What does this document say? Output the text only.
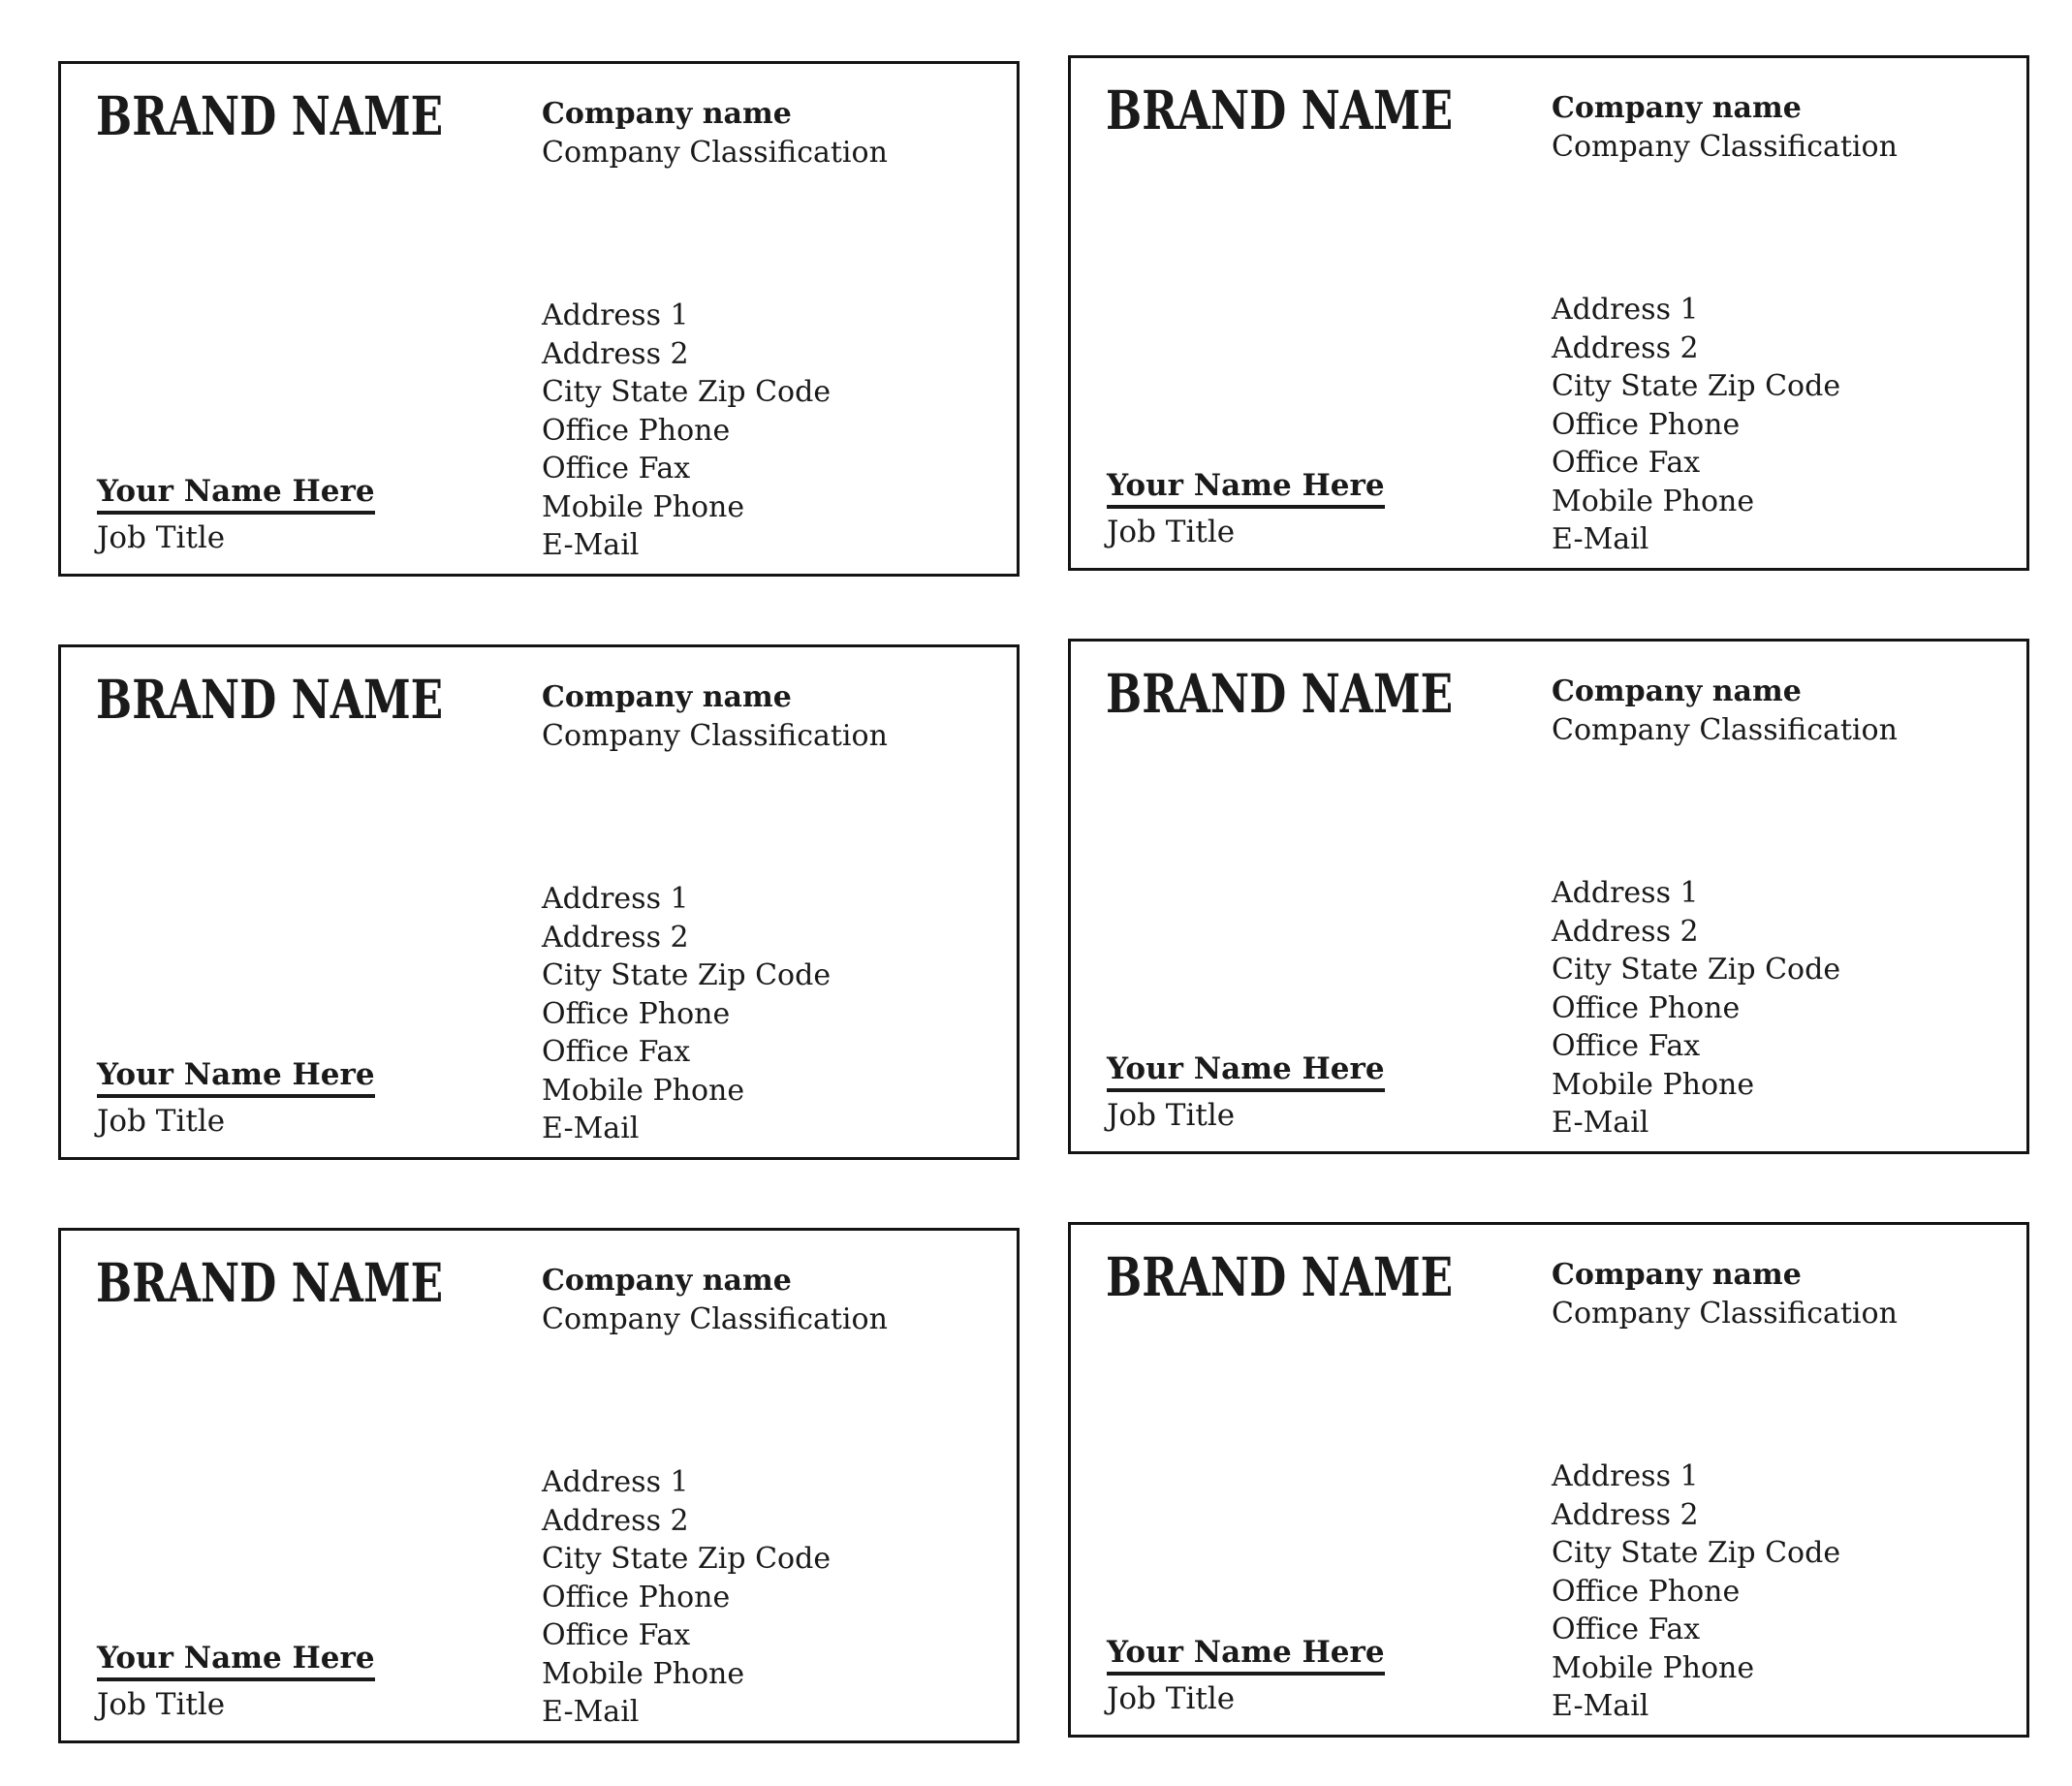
BRAND NAME	Company name
Company Classification
Address 1
Address 2
City State Zip Code
Office Phone
Office Fax
Mobile Phone
E-Mail
Your Name Here
Job Title
BRAND NAME	Company name
Company Classification
Address 1
Address 2
City State Zip Code
Office Phone
Office Fax
Mobile Phone
E-Mail
Your Name Here
Job Title
BRAND NAME	Company name
Company Classification
Address 1
Address 2
City State Zip Code
Office Phone
Office Fax
Mobile Phone
E-Mail
Your Name Here
Job Title
BRAND NAME	Company name
Company Classification
Address 1
Address 2
City State Zip Code
Office Phone
Office Fax
Mobile Phone
E-Mail
Your Name Here
Job Title
BRAND NAME	Company name
Company Classification
Address 1
Address 2
City State Zip Code
Office Phone
Office Fax
Mobile Phone
E-Mail
Your Name Here
Job Title
BRAND NAME	Company name
Company Classification
Address 1
Address 2
City State Zip Code
Office Phone
Office Fax
Mobile Phone
E-Mail
Your Name Here
Job Title
